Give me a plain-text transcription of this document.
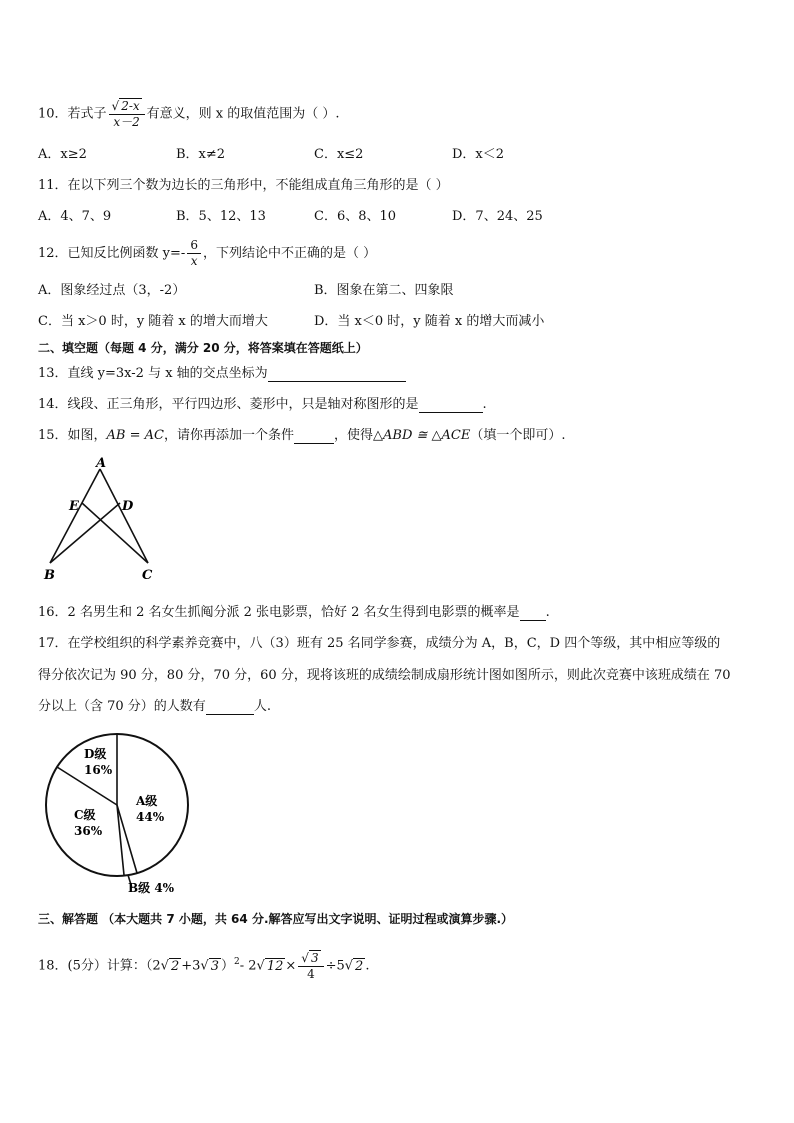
10．若式子 $\frac{√ 2-x}{x-2}$ 有意义，则 x 的取值范围为（ ）.
A．x≥2	B．x≠2	C．x≤2	D．x＜2
11．在以下列三个数为边长的三角形中，不能组成直角三角形的是（ ）
A．4、7、9	B．5、12、13	C．6、8、10	D．7、24、25
12．已知反比例函数 $y=- \frac{6}{x}$ ，下列结论中不正确的是（ ）
A．图象经过点（3，-2）	B．图象在第二、四象限
C．当 x＞0 时，y 随着 x 的增大而增大	D．当 x＜0 时，y 随着 x 的增大而减小
二、填空题（每题 4 分，满分 20 分，将答案填在答题纸上）
13．直线 y=3x-2 与 x 轴的交点坐标为
14．线段、正三角形，平行四边形、菱形中，只是轴对称图形的是	.
15．如图，AB = AC，请你再添加一个条件	，使得△ABD ≅ △ACE（填一个即可）.
A
E	D
B	C
16．2 名男生和 2 名女生抓阄分派 2 张电影票，恰好 2 名女生得到电影票的概率是 .
17．在学校组织的科学素养竞赛中，八（3）班有 25 名同学参赛，成绩分为 A，B，C，D 四个等级，其中相应等级的
得分依次记为 90 分，80 分，70 分，60 分，现将该班的成绩绘制成扇形统计图如图所示，则此次竞赛中该班成绩在 70
分以上（含 70 分）的人数有	人.
A级
44%
B级 4%
C级
36%
D级
16%
三、解答题 （本大题共 7 小题，共 64 分.解答应写出文字说明、证明过程或演算步骤.）
18．(5分）计算：（2√ 2 +3√ 3 ）$^2$- 2√ $12 \times \frac{√ 3}{4} \div 5√$ 2 .
